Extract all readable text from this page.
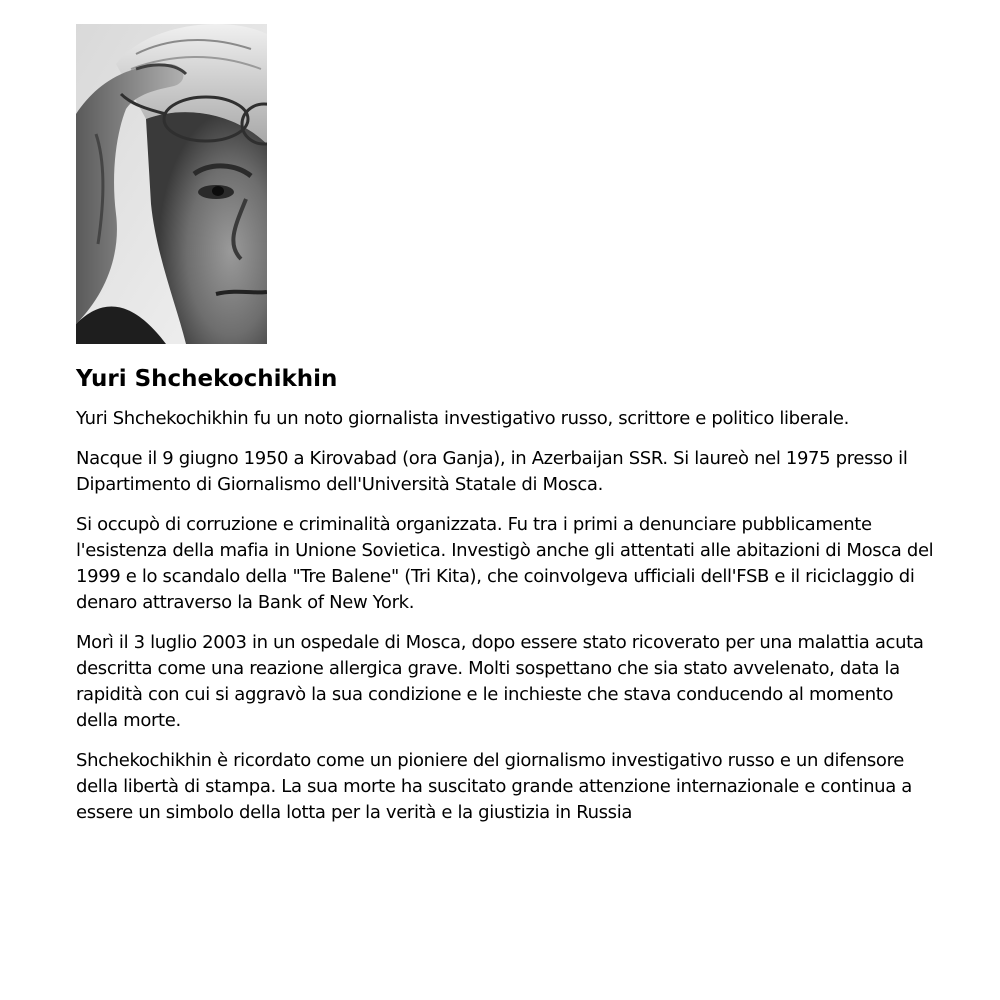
Yuri Shchekochikhin

Yuri Shchekochikhin fu un noto giornalista investigativo russo, scrittore e politico liberale.

Nacque il 9 giugno 1950 a Kirovabad (ora Ganja), in Azerbaijan SSR. Si laureò nel 1975 presso il Dipartimento di Giornalismo dell'Università Statale di Mosca.

Si occupò di corruzione e criminalità organizzata. Fu tra i primi a denunciare pubblicamente l'esistenza della mafia in Unione Sovietica. Investigò anche gli attentati alle abitazioni di Mosca del 1999 e lo scandalo della "Tre Balene" (Tri Kita), che coinvolgeva ufficiali dell'FSB e il riciclaggio di denaro attraverso la Bank of New York.

Morì il 3 luglio 2003 in un ospedale di Mosca, dopo essere stato ricoverato per una malattia acuta descritta come una reazione allergica grave. Molti sospettano che sia stato avvelenato, data la rapidità con cui si aggravò la sua condizione e le inchieste che stava conducendo al momento della morte.

Shchekochikhin è ricordato come un pioniere del giornalismo investigativo russo e un difensore della libertà di stampa. La sua morte ha suscitato grande attenzione internazionale e continua a essere un simbolo della lotta per la verità e la giustizia in Russia
